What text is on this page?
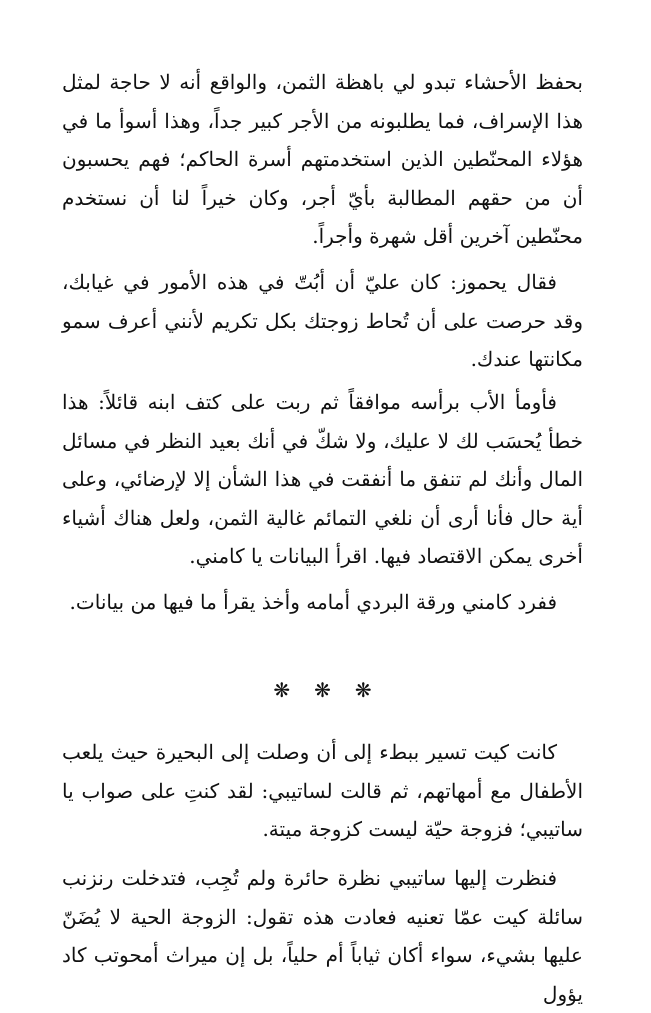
بحفظ الأحشاء تبدو لي باهظة الثمن، والواقع أنه لا حاجة لمثل هذا الإسراف، فما يطلبونه من الأجر كبير جداً، وهذا أسوأ ما في هؤلاء المحنّطين الذين استخدمتهم أسرة الحاكم؛ فهم يحسبون أن من حقهم المطالبة بأيّ أجر، وكان خيراً لنا أن نستخدم محنّطين آخرين أقل شهرة وأجراً.

فقال يحموز: كان عليّ أن أبُتّ في هذه الأمور في غيابك، وقد حرصت على أن تُحاط زوجتك بكل تكريم لأنني أعرف سمو مكانتها عندك.

فأومأ الأب برأسه موافقاً ثم ربت على كتف ابنه قائلاً: هذا خطأ يُحسَب لك لا عليك، ولا شكّ في أنك بعيد النظر في مسائل المال وأنك لم تنفق ما أنفقت في هذا الشأن إلا لإرضائي، وعلى أية حال فأنا أرى أن نلغي التمائم غالية الثمن، ولعل هناك أشياء أخرى يمكن الاقتصاد فيها. اقرأ البيانات يا كامني.

ففرد كامني ورقة البردي أمامه وأخذ يقرأ ما فيها من بيانات.

❋ ❋ ❋

كانت كيت تسير ببطء إلى أن وصلت إلى البحيرة حيث يلعب الأطفال مع أمهاتهم، ثم قالت لساتيبي: لقد كنتِ على صواب يا ساتيبي؛ فزوجة حيّة ليست كزوجة ميتة.

فنظرت إليها ساتيبي نظرة حائرة ولم تُجِب، فتدخلت رنزنب سائلة كيت عمّا تعنيه فعادت هذه تقول: الزوجة الحية لا يُضَنّ عليها بشيء، سواء أكان ثياباً أم حلياً، بل إن ميراث أمحوتب كاد يؤول
